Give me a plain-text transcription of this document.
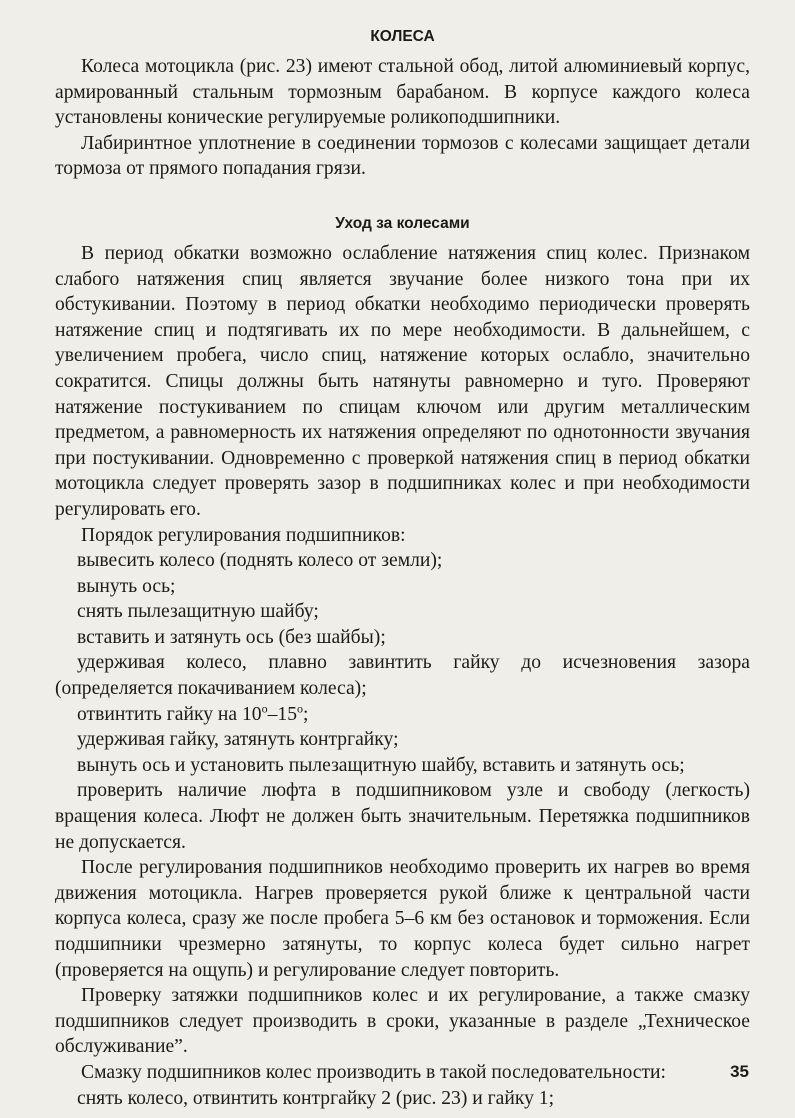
КОЛЕСА

Колеса мотоцикла (рис. 23) имеют стальной обод, литой алюминиевый корпус, армированный стальным тормозным барабаном. В корпусе каждого колеса установлены конические регулируемые роликоподшипники.

Лабиринтное уплотнение в соединении тормозов с колесами защищает детали тормоза от прямого попадания грязи.

Уход за колесами

В период обкатки возможно ослабление натяжения спиц колес. Признаком слабого натяжения спиц является звучание более низкого тона при их обстукивании. Поэтому в период обкатки необходимо периодически проверять натяжение спиц и подтягивать их по мере необходимости. В дальнейшем, с увеличением пробега, число спиц, натяжение которых ослабло, значительно сократится. Спицы должны быть натянуты равномерно и туго. Проверяют натяжение постукиванием по спицам ключом или другим металлическим предметом, а равномерность их натяжения определяют по однотонности звучания при постукивании. Одновременно с проверкой натяжения спиц в период обкатки мотоцикла следует проверять зазор в подшипниках колес и при необходимости регулировать его.

Порядок регулирования подшипников:

вывесить колесо (поднять колесо от земли);

вынуть ось;

снять пылезащитную шайбу;

вставить и затянуть ось (без шайбы);

удерживая колесо, плавно завинтить гайку до исчезновения зазора (определяется покачиванием колеса);

отвинтить гайку на $10^о-15^о$;

удерживая гайку, затянуть контргайку;

вынуть ось и установить пылезащитную шайбу, вставить и затянуть ось;

проверить наличие люфта в подшипниковом узле и свободу (легкость) вращения колеса. Люфт не должен быть значительным. Перетяжка подшипников не допускается.

После регулирования подшипников необходимо проверить их нагрев во время движения мотоцикла. Нагрев проверяется рукой ближе к центральной части корпуса колеса, сразу же после пробега 5–6 км без остановок и торможения. Если подшипники чрезмерно затянуты, то корпус колеса будет сильно нагрет (проверяется на ощупь) и регулирование следует повторить.

Проверку затяжки подшипников колес и их регулирование, а также смазку подшипников следует производить в сроки, указанные в разделе „Техническое обслуживание”.

Смазку подшипников колес производить в такой последовательности:

снять колесо, отвинтить контргайку 2 (рис. 23) и гайку 1;

35
